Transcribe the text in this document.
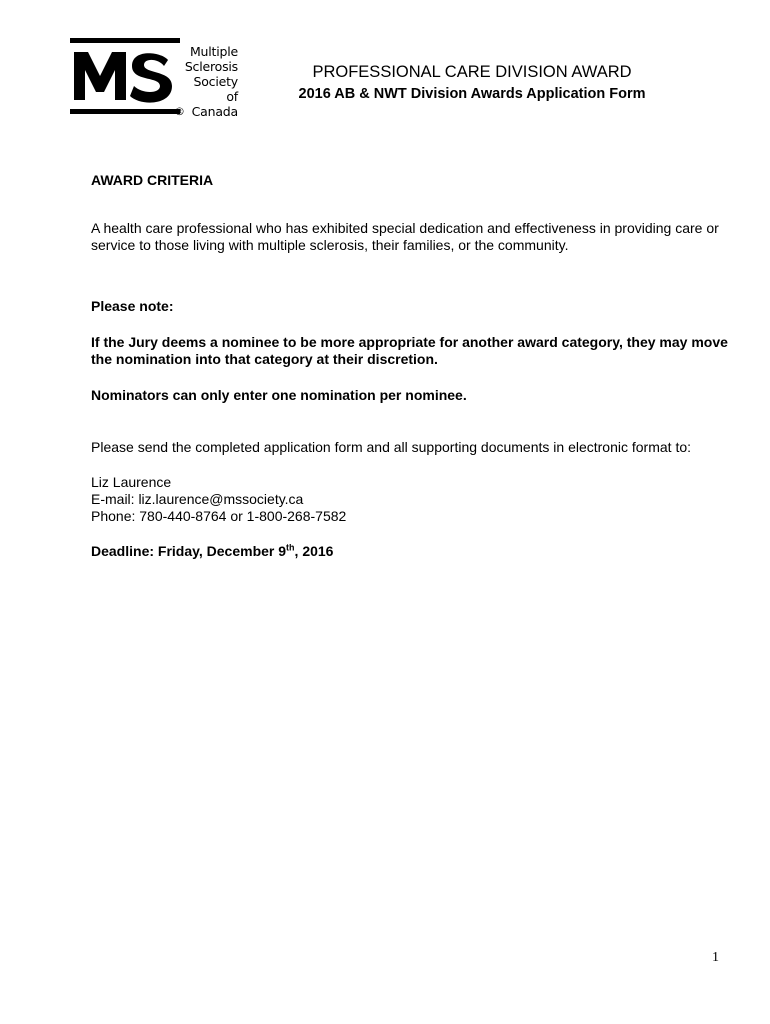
Multiple
Sclerosis
Society of
Canada
®

PROFESSIONAL CARE DIVISION AWARD

2016 AB & NWT Division Awards Application Form

AWARD CRITERIA

A health care professional who has exhibited special dedication and effectiveness in providing care or service to those living with multiple sclerosis, their families, or the community.

Please note:

If the Jury deems a nominee to be more appropriate for another award category, they may move the nomination into that category at their discretion.

Nominators can only enter one nomination per nominee.

Please send the completed application form and all supporting documents in electronic format to:

Liz Laurence

E-mail: liz.laurence@mssociety.ca

Phone: 780-440-8764 or 1-800-268-7582

Deadline: Friday, December 9th, 2016

1
